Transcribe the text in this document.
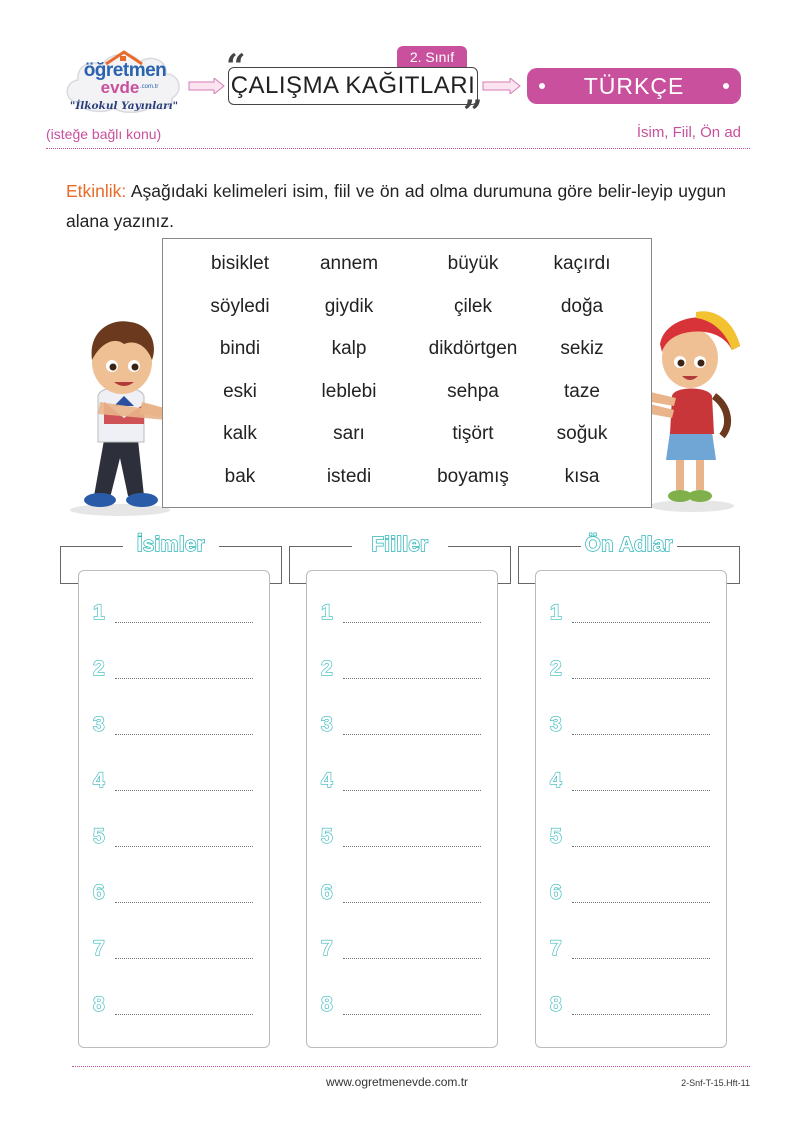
öğretmen
evde .com.tr
"İlkokul Yayınları"
2. Sınıf
“
ÇALIŞMA KAĞITLARI
”
TÜRKÇE
(isteğe bağlı konu)	İsim, Fiil, Ön ad
Etkinlik: Aşağıdaki kelimeleri isim, fiil ve ön ad olma durumuna göre belir-leyip uygun alana yazınız.
bisiklet	annem	büyük	kaçırdı
söyledi	giydik	çilek	doğa
bindi	kalp	dikdörtgen	sekiz
eski	leblebi	sehpa	taze
kalk	sarı	tişört	soğuk
bak	istedi	boyamış	kısa
İsimler
1
2
3
4
5
6
7
8
Fiiller
1
2
3
4
5
6
7
8
Ön Adlar
1
2
3
4
5
6
7
8
www.ogretmenevde.com.tr	2-Snf-T-15.Hft-11
